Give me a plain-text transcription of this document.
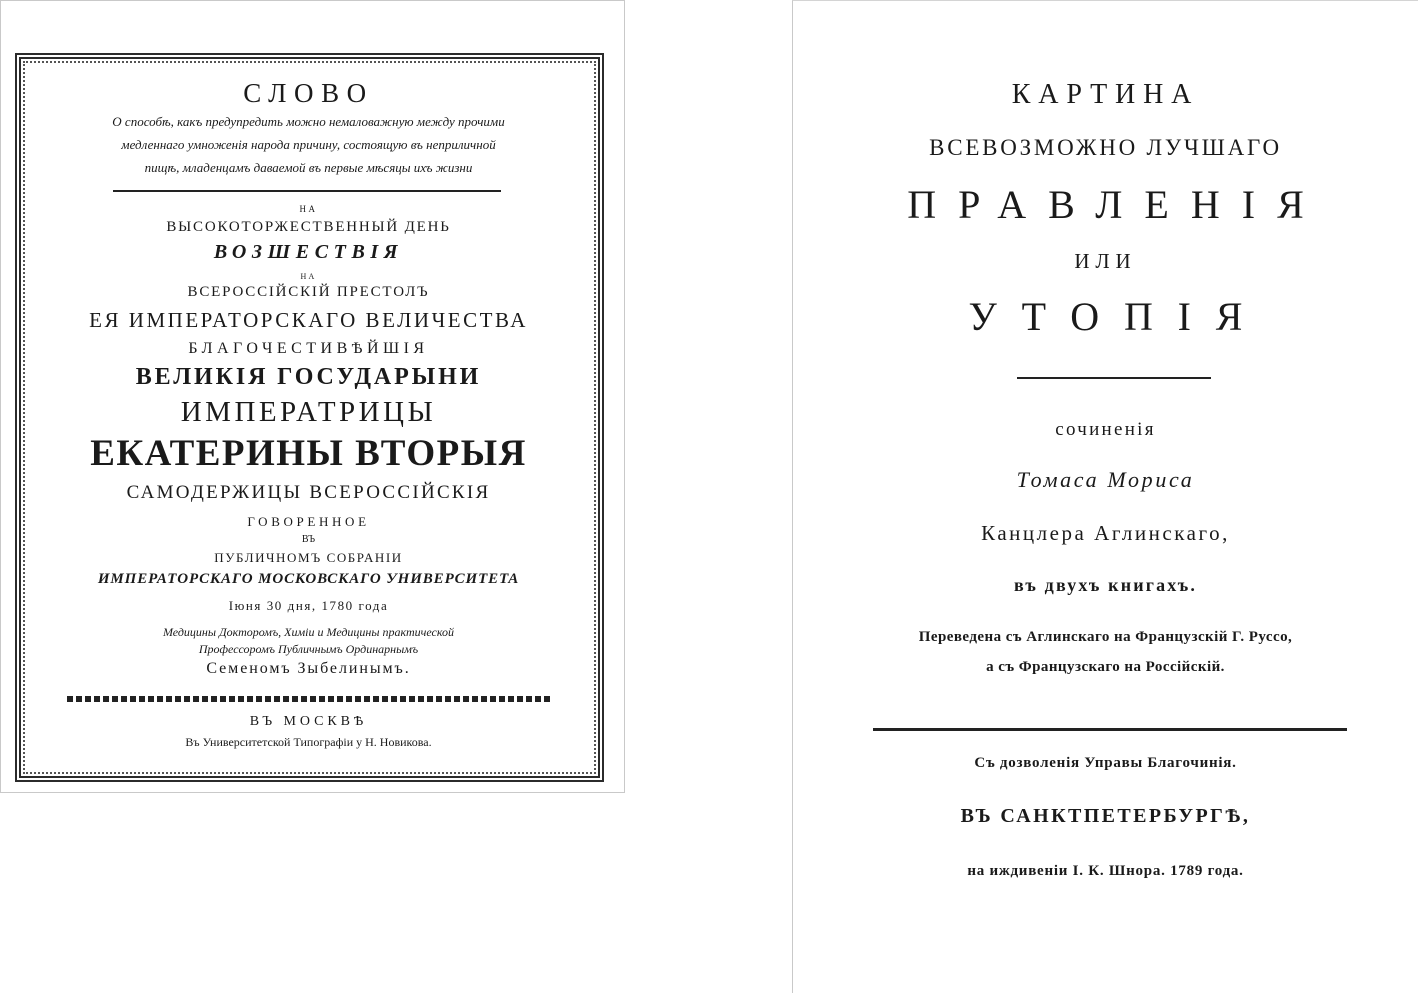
СЛОВО
О способѣ, какъ предупредить можно немаловажную между прочими
медленнаго умноженія народа причину, состоящую въ неприличной
пищѣ, младенцамъ даваемой въ первые мѣсяцы ихъ жизни
НА
ВЫСОКОТОРЖЕСТВЕННЫЙ ДЕНЬ
ВОЗШЕСТВІЯ
НА
ВСЕРОССІЙСКІЙ ПРЕСТОЛЪ
ЕЯ ИМПЕРАТОРСКАГО ВЕЛИЧЕСТВА
БЛАГОЧЕСТИВѢЙШІЯ
ВЕЛИКІЯ ГОСУДАРЫНИ
ИМПЕРАТРИЦЫ
ЕКАТЕРИНЫ ВТОРЫЯ
САМОДЕРЖИЦЫ ВСЕРОССІЙСКІЯ
ГОВОРЕННОЕ
ВЪ
ПУБЛИЧНОМЪ СОБРАНІИ
ИМПЕРАТОРСКАГО МОСКОВСКАГО УНИВЕРСИТЕТА
Іюня 30 дня, 1780 года
Медицины Докторомъ, Химіи и Медицины практической
Профессоромъ Публичнымъ Ординарнымъ
Семеномъ Зыбелинымъ.
ВЪ МОСКВѢ
Въ Университетской Типографіи у Н. Новикова.
КАРТИНА
ВСЕВОЗМОЖНО ЛУЧШАГО
ПРАВЛЕНІЯ
ИЛИ
УТОПІЯ
сочиненія
Томаса Мориса
Канцлера Аглинскаго,
въ двухъ книгахъ.
Переведена съ Аглинскаго на Французскій Г. Руссо,
а съ Французскаго на Россійскій.
Съ дозволенія Управы Благочинія.
ВЪ САНКТПЕТЕРБУРГѢ,
на иждивеніи І. К. Шнора. 1789 года.
